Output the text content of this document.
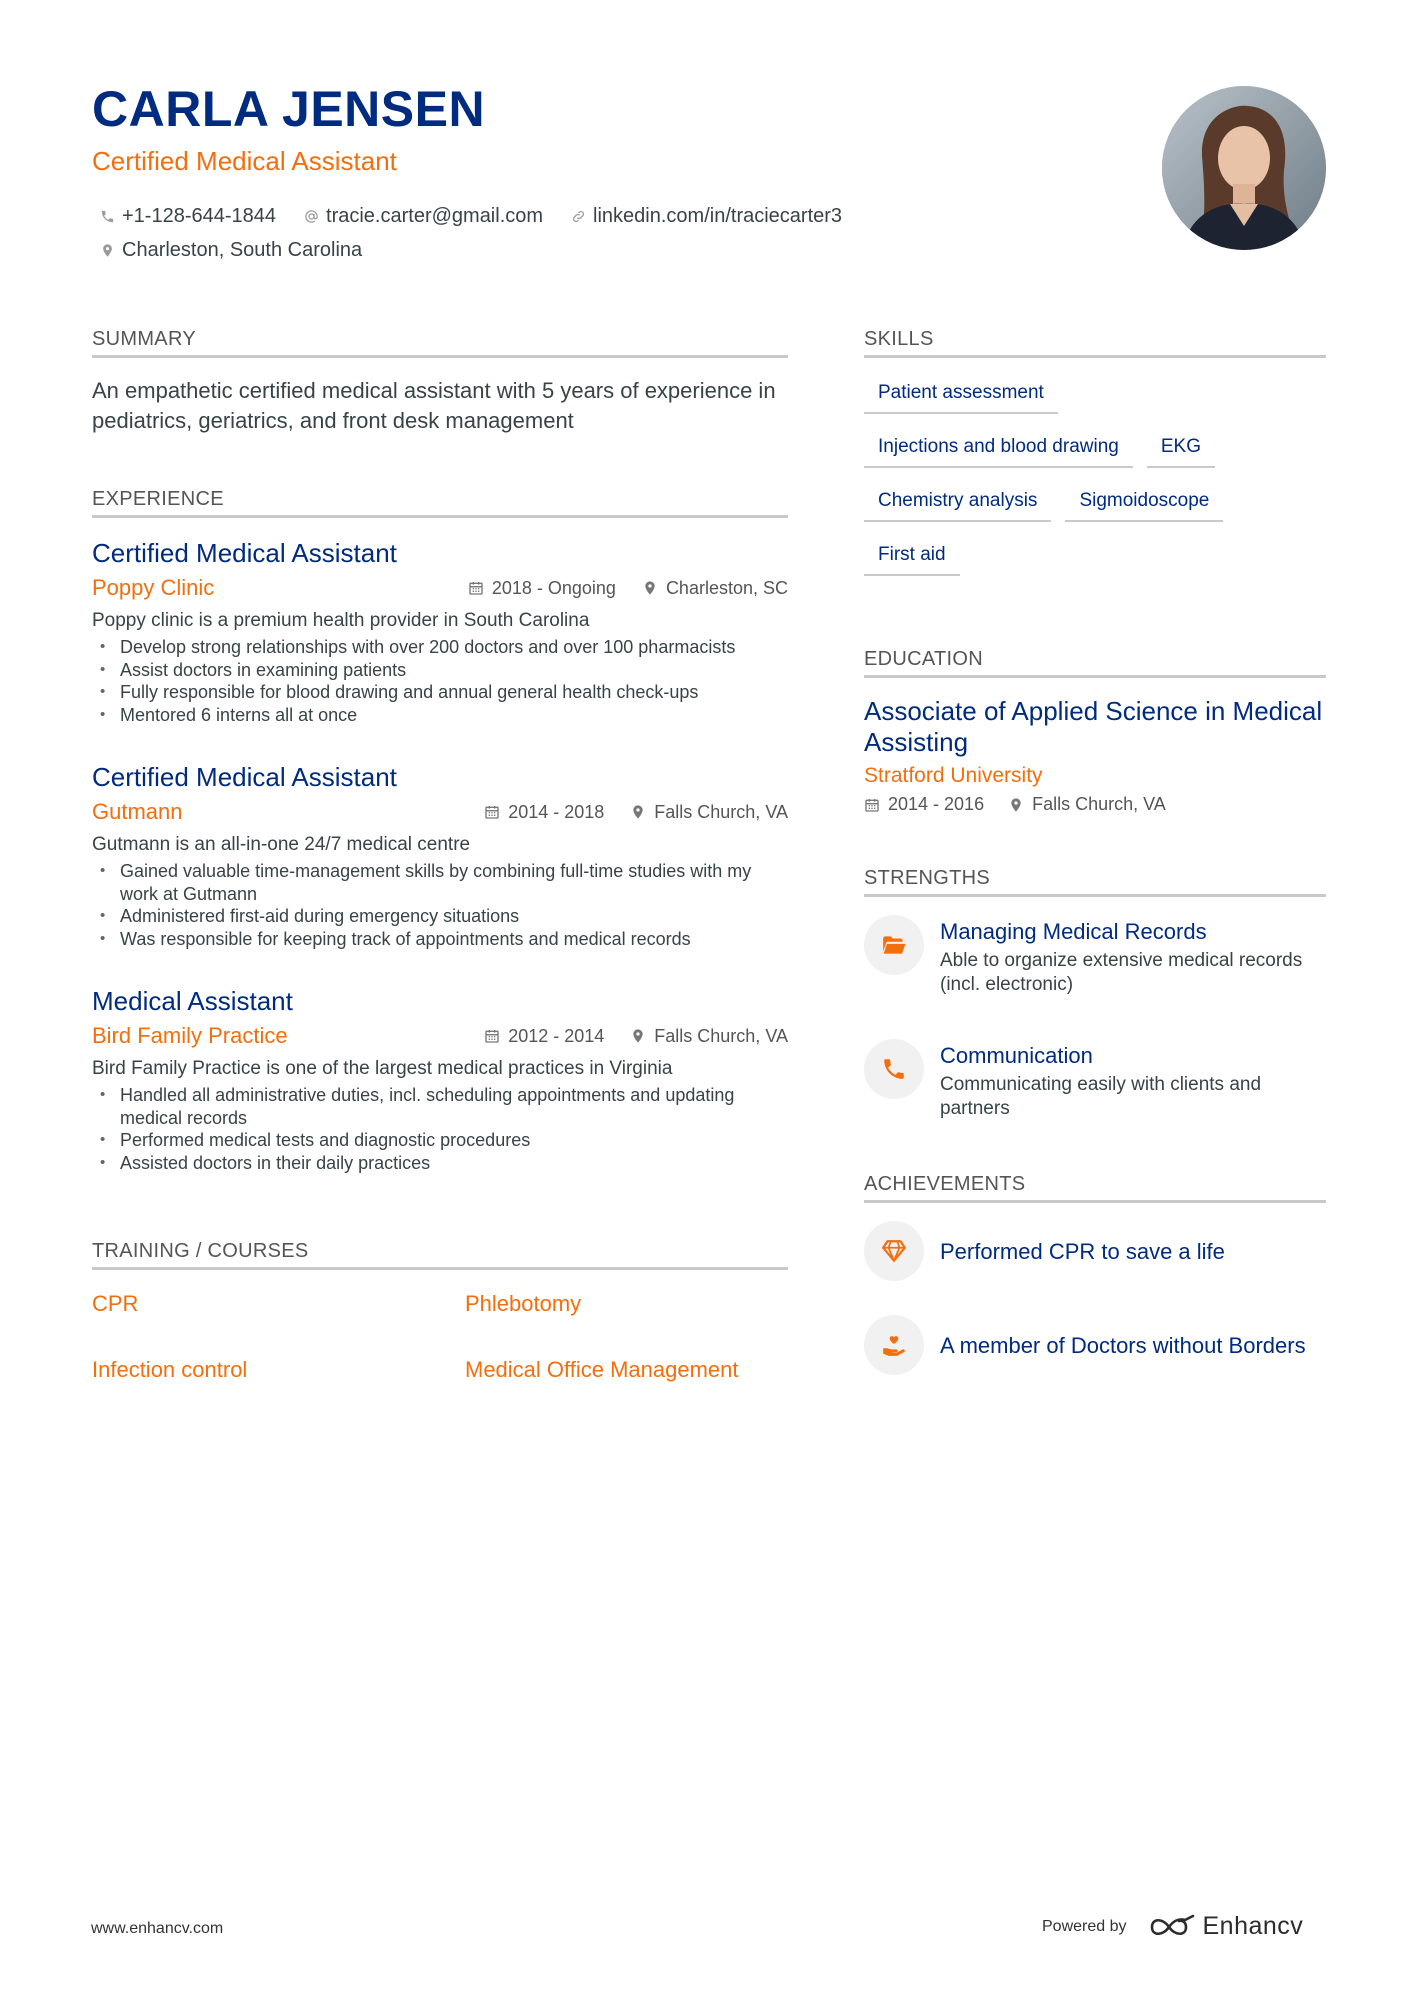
CARLA JENSEN
Certified Medical Assistant
+1-128-644-1844	tracie.carter@gmail.com	linkedin.com/in/traciecarter3
Charleston, South Carolina
SUMMARY
An empathetic certified medical assistant with 5 years of experience in pediatrics, geriatrics, and front desk management
EXPERIENCE
Certified Medical Assistant
Poppy Clinic	2018 - Ongoing	Charleston, SC
Poppy clinic is a premium health provider in South Carolina
• Develop strong relationships with over 200 doctors and over 100 pharmacists
• Assist doctors in examining patients
• Fully responsible for blood drawing and annual general health check-ups
• Mentored 6 interns all at once
Certified Medical Assistant
Gutmann	2014 - 2018	Falls Church, VA
Gutmann is an all-in-one 24/7 medical centre
• Gained valuable time-management skills by combining full-time studies with my work at Gutmann
• Administered first-aid during emergency situations
• Was responsible for keeping track of appointments and medical records
Medical Assistant
Bird Family Practice	2012 - 2014	Falls Church, VA
Bird Family Practice is one of the largest medical practices in Virginia
• Handled all administrative duties, incl. scheduling appointments and updating medical records
• Performed medical tests and diagnostic procedures
• Assisted doctors in their daily practices
TRAINING / COURSES
CPR	Phlebotomy
Infection control	Medical Office Management
SKILLS
Patient assessment
Injections and blood drawing	EKG
Chemistry analysis	Sigmoidoscope
First aid
EDUCATION
Associate of Applied Science in Medical Assisting
Stratford University
2014 - 2016	Falls Church, VA
STRENGTHS
Managing Medical Records
Able to organize extensive medical records (incl. electronic)
Communication
Communicating easily with clients and partners
ACHIEVEMENTS
Performed CPR to save a life
A member of Doctors without Borders
www.enhancv.com	Powered by	Enhancv
